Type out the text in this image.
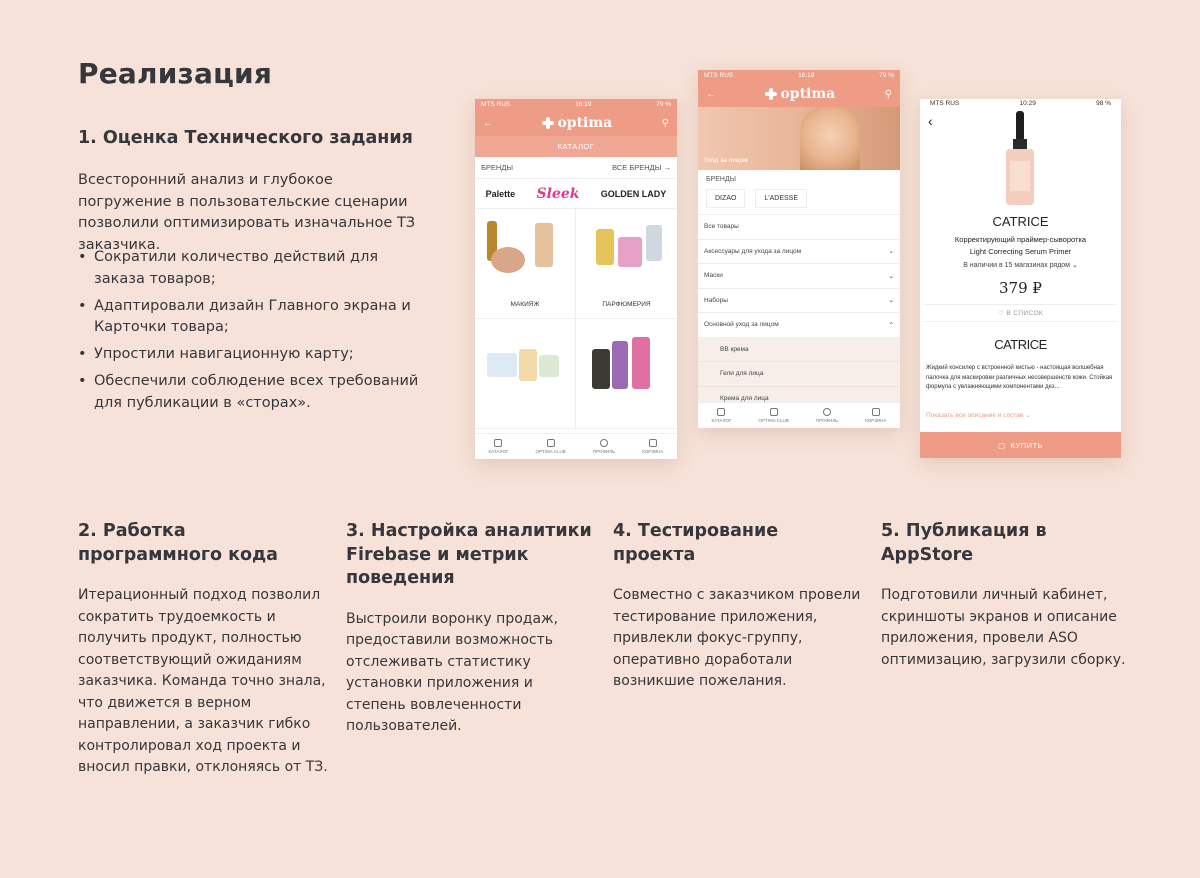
Реализация
1. Оценка Технического задания
Всесторонний анализ и глубокое погружение в пользовательские сценарии позволили оптимизировать изначальное ТЗ заказчика.
• Сократили количество действий для заказа товаров;
• Адаптировали дизайн Главного экрана и Карточки товара;
• Упростили навигационную карту;
• Обеспечили соблюдение всех требований для публикации в «сторах».
MTS RUS	16:19	79 %
←	optima	⚲
КАТАЛОГ
БРЕНДЫ	ВСЕ БРЕНДЫ →
Palette Sleek GOLDEN LADY
МАКИЯЖ	ПАРФЮМЕРИЯ
КАТАЛОГ	OPTIMA CLUB	ПРОФИЛЬ	КОРЗИНА
MTS RUS	16:19	79 %
←	optima	⚲
Уход за лицом
БРЕНДЫ
DIZAO	L'ADESSE
Все товары
Аксессуары для ухода за лицом	⌄
Маски	⌄
Наборы	⌄
Основной уход за лицом	⌃
ВВ крема
Гели для лица
Крема для лица
КАТАЛОГ	OPTIMA CLUB	ПРОФИЛЬ	КОРЗИНА
MTS RUS	10:29	98 %
‹
CATRICE
Корректирующий праймер-сыворотка
Light Correcting Serum Primer
В наличии в 15 магазинах рядом ⌄
379 ₽
♡ В СПИСОК
CATRICE
Жидкий консилер с встроенной кистью - настоящая волшебная палочка для маскировки различных несовершенств кожи. Стойкая формула с увлажняющими компонентами дез...
Показать все описание и состав ⌄
▢ КУПИТЬ
2. Работка программного кода
Итерационный подход позволил сократить трудоемкость и получить продукт, полностью соответствующий ожиданиям заказчика. Команда точно знала, что движется в верном направлении, а заказчик гибко контролировал ход проекта и вносил правки, отклоняясь от ТЗ.
3. Настройка аналитики Firebase и метрик поведения
Выстроили воронку продаж, предоставили возможность отслеживать статистику установки приложения и степень вовлеченности пользователей.
4. Тестирование проекта
Совместно с заказчиком провели тестирование приложения, привлекли фокус-группу, оперативно доработали возникшие пожелания.
5. Публикация в AppStore
Подготовили личный кабинет, скриншоты экранов и описание приложения, провели ASO оптимизацию, загрузили сборку.
